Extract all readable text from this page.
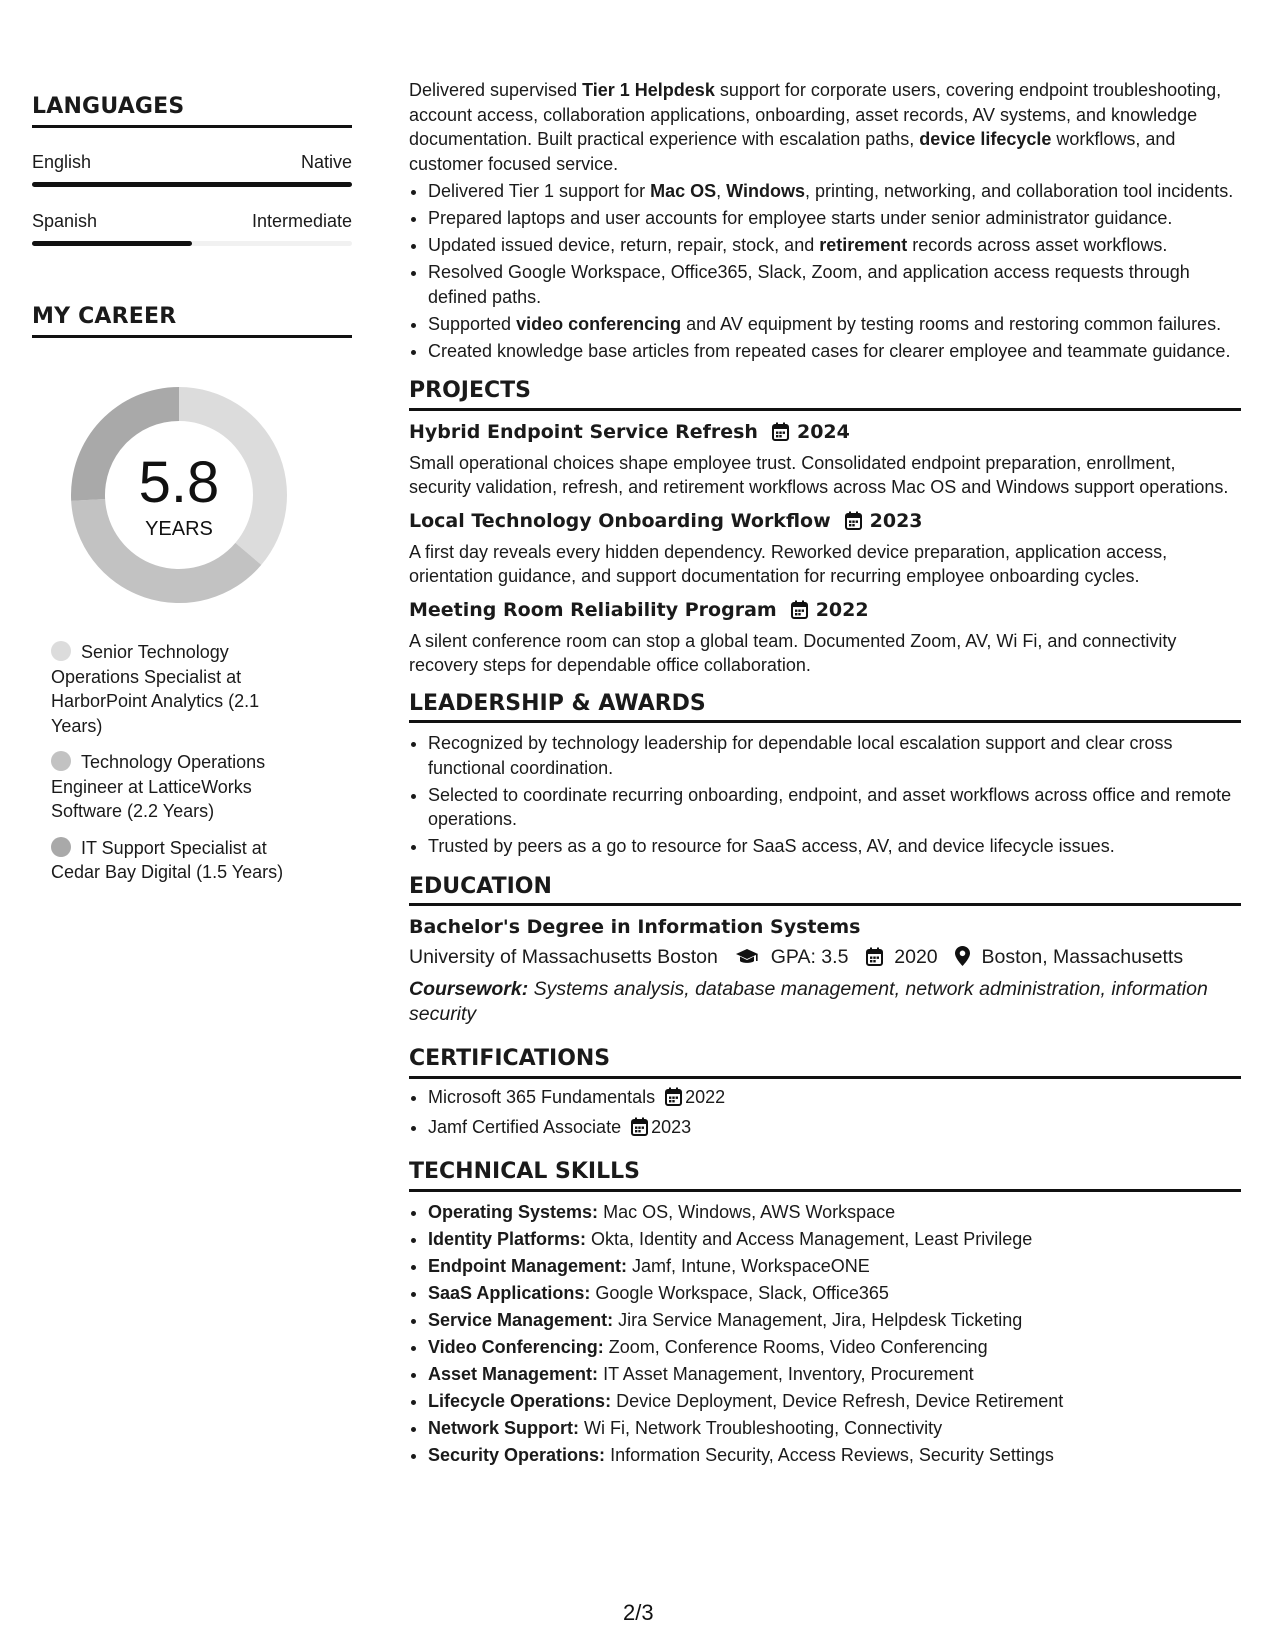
LANGUAGES
English	Native
Spanish	Intermediate
MY CAREER
5.8
YEARS
Senior Technology Operations Specialist at HarborPoint Analytics (2.1 Years)
Technology Operations Engineer at LatticeWorks Software (2.2 Years)
IT Support Specialist at Cedar Bay Digital (1.5 Years)

Delivered supervised Tier 1 Helpdesk support for corporate users, covering endpoint troubleshooting, account access, collaboration applications, onboarding, asset records, AV systems, and knowledge documentation. Built practical experience with escalation paths, device lifecycle workflows, and customer focused service.

• Delivered Tier 1 support for Mac OS, Windows, printing, networking, and collaboration tool incidents.
• Prepared laptops and user accounts for employee starts under senior administrator guidance.
• Updated issued device, return, repair, stock, and retirement records across asset workflows.
• Resolved Google Workspace, Office365, Slack, Zoom, and application access requests through defined paths.
• Supported video conferencing and AV equipment by testing rooms and restoring common failures.
• Created knowledge base articles from repeated cases for clearer employee and teammate guidance.
PROJECTS
Hybrid Endpoint Service Refresh 2024
Small operational choices shape employee trust. Consolidated endpoint preparation, enrollment, security validation, refresh, and retirement workflows across Mac OS and Windows support operations.
Local Technology Onboarding Workflow 2023
A first day reveals every hidden dependency. Reworked device preparation, application access, orientation guidance, and support documentation for recurring employee onboarding cycles.
Meeting Room Reliability Program 2022
A silent conference room can stop a global team. Documented Zoom, AV, Wi Fi, and connectivity recovery steps for dependable office collaboration.
LEADERSHIP & AWARDS
• Recognized by technology leadership for dependable local escalation support and clear cross functional coordination.
• Selected to coordinate recurring onboarding, endpoint, and asset workflows across office and remote operations.
• Trusted by peers as a go to resource for SaaS access, AV, and device lifecycle issues.
EDUCATION
Bachelor's Degree in Information Systems
University of Massachusetts Boston	GPA: 3.5 2020 Boston, Massachusetts
Coursework: Systems analysis, database management, network administration, information security
CERTIFICATIONS
• Microsoft 365 Fundamentals 2022
• Jamf Certified Associate 2023
TECHNICAL SKILLS
• Operating Systems: Mac OS, Windows, AWS Workspace
• Identity Platforms: Okta, Identity and Access Management, Least Privilege
• Endpoint Management: Jamf, Intune, WorkspaceONE
• SaaS Applications: Google Workspace, Slack, Office365
• Service Management: Jira Service Management, Jira, Helpdesk Ticketing
• Video Conferencing: Zoom, Conference Rooms, Video Conferencing
• Asset Management: IT Asset Management, Inventory, Procurement
• Lifecycle Operations: Device Deployment, Device Refresh, Device Retirement
• Network Support: Wi Fi, Network Troubleshooting, Connectivity
• Security Operations: Information Security, Access Reviews, Security Settings
2/3
